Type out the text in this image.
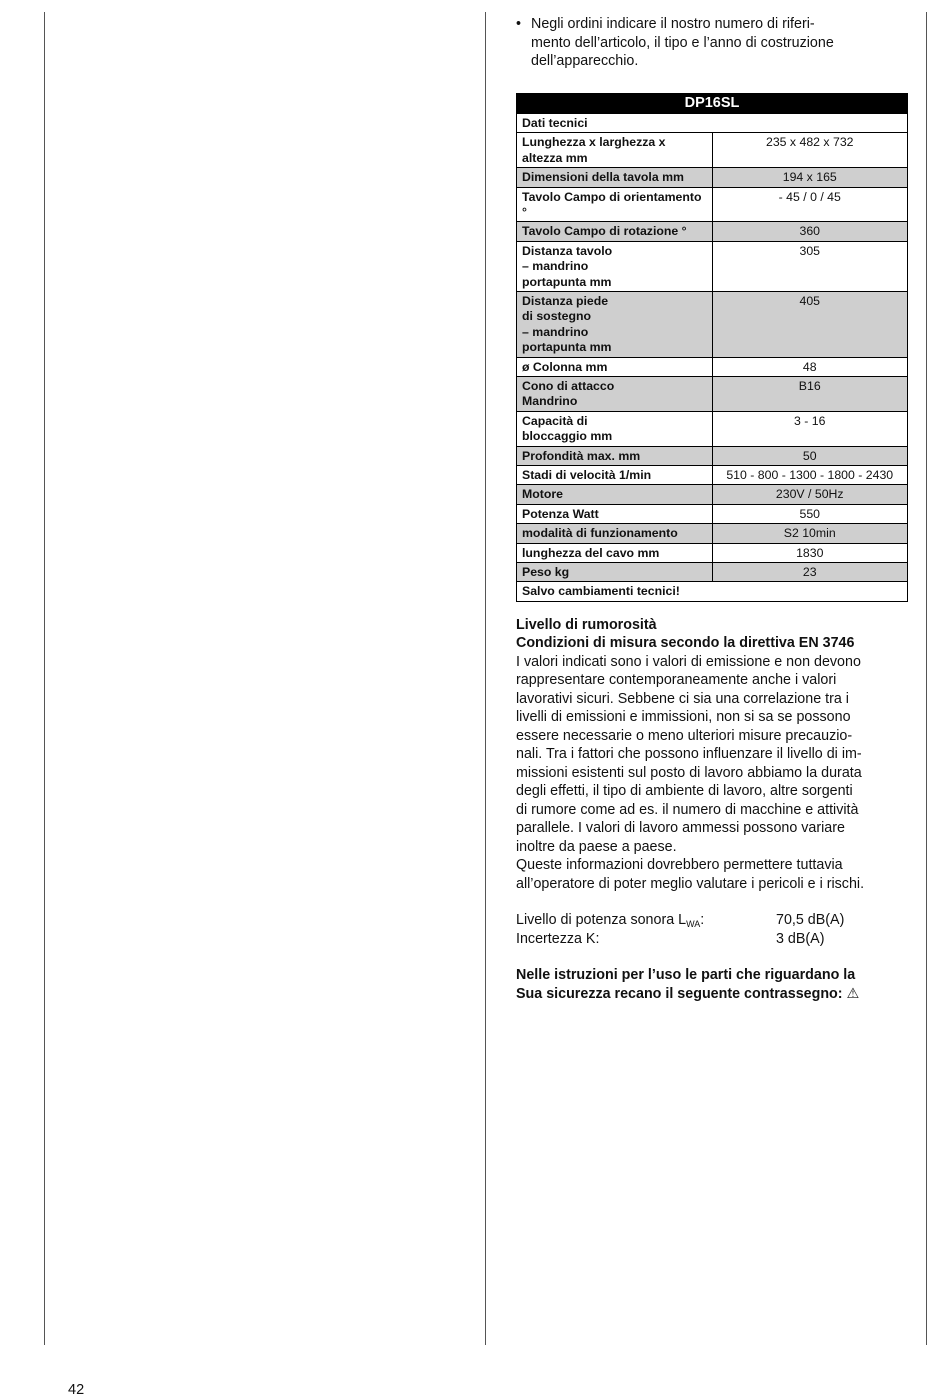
• Negli ordini indicare il nostro numero di riferi-
mento dell’articolo, il tipo e l’anno di costruzione
dell’apparecchio.
DP16SL	
Dati tecnici	
Lunghezza x larghezza x
altezza mm	235 x 482 x 732
Dimensioni della tavola mm	194 x 165
Tavolo Campo di orientamento
°	- 45 / 0 / 45
Tavolo Campo di rotazione °	360
Distanza tavolo
– mandrino
portapunta mm	305
Distanza piede
di sostegno
– mandrino
portapunta mm	405
ø Colonna mm	48
Cono di attacco
Mandrino	B16
Capacità di
bloccaggio mm	3 - 16
Profondità max. mm	50
Stadi di velocità 1/min	510 - 800 - 1300 - 1800 - 2430
Motore	230V / 50Hz
Potenza Watt	550
modalità di funzionamento	S2 10min
lunghezza del cavo mm	1830
Peso kg	23
Salvo cambiamenti tecnici!	
Livello di rumorosità
Condizioni di misura secondo la direttiva EN 3746
I valori indicati sono i valori di emissione e non devono
rappresentare contemporaneamente anche i valori
lavorativi sicuri. Sebbene ci sia una correlazione tra i
livelli di emissioni e immissioni, non si sa se possono
essere necessarie o meno ulteriori misure precauzio-
nali. Tra i fattori che possono influenzare il livello di im-
missioni esistenti sul posto di lavoro abbiamo la durata
degli effetti, il tipo di ambiente di lavoro, altre sorgenti
di rumore come ad es. il numero di macchine e attività
parallele. I valori di lavoro ammessi possono variare
inoltre da paese a paese.
Queste informazioni dovrebbero permettere tuttavia
all’operatore di poter meglio valutare i pericoli e i rischi.
Livello di potenza sonora $L_{WA}$:	70,5 dB(A)
Incertezza K:	3 dB(A)
Nelle istruzioni per l’uso le parti che riguardano la
Sua sicurezza recano il seguente contrassegno: ⚠
42
